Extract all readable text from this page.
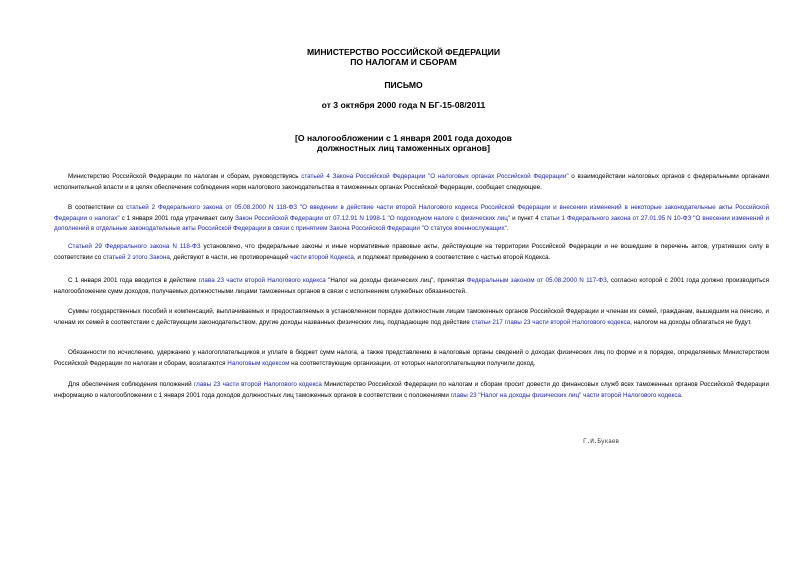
МИНИСТЕРСТВО РОССИЙСКОЙ ФЕДЕРАЦИИ
ПО НАЛОГАМ И СБОРАМ
ПИСЬМО
от 3 октября 2000 года N БГ-15-08/2011
[О налогообложении с 1 января 2001 года доходов
должностных лиц таможенных органов]
Министерство Российской Федерации по налогам и сборам, руководствуясь статьей 4 Закона Российской Федерации "О налоговых органах Российской Федерации" о взаимодействии налоговых органов с федеральными органами исполнительной власти и в целях обеспечения соблюдения норм налогового законодательства в таможенных органах Российской Федерации, сообщает следующее.
В соответствии со статьей 2 Федерального закона от 05.08.2000 N 118-ФЗ "О введении в действие части второй Налогового кодекса Российской Федерации и внесении изменений в некоторые законодательные акты Российской Федерации о налогах" с 1 января 2001 года утрачивает силу Закон Российской Федерации от 07.12.91 N 1998-1 "О подоходном налоге с физических лиц" и пункт 4 статьи 1 Федерального закона от 27.01.95 N 10-ФЗ "О внесении изменений и дополнений в отдельные законодательные акты Российской Федерации в связи с принятием Закона Российской Федерации "О статусе военнослужащих".
Статьей 29 Федерального закона N 118-ФЗ установлено, что федеральные законы и иные нормативные правовые акты, действующие на территории Российской Федерации и не вошедшие в перечень актов, утративших силу в соответствии со статьей 2 этого Закона, действуют в части, не противоречащей части второй Кодекса, и подлежат приведению в соответствие с частью второй Кодекса.
С 1 января 2001 года вводится в действие глава 23 части второй Налогового кодекса "Налог на доходы физических лиц", принятая Федеральным законом от 05.08.2000 N 117-ФЗ, согласно которой с 2001 года должно производиться налогообложение сумм доходов, получаемых должностными лицами таможенных органов в связи с исполнением служебных обязанностей.
Суммы государственных пособий и компенсаций, выплачиваемых и предоставляемых в установленном порядке должностным лицам таможенных органов Российской Федерации и членам их семей, гражданам, вышедшим на пенсию, и членам их семей в соответствии с действующим законодательством, другие доходы названных физических лиц, подпадающие под действие статьи 217 главы 23 части второй Налогового кодекса, налогом на доходы облагаться не будут.
Обязанности по исчислению, удержанию у налогоплательщиков и уплате в бюджет сумм налога, а также представлению в налоговые органы сведений о доходах физических лиц по форме и в порядке, определяемых Министерством Российской Федерации по налогам и сборам, возлагаются Налоговым кодексом на соответствующие организации, от которых налогоплательщики получили доход.
Для обеспечения соблюдения положений главы 23 части второй Налогового кодекса Министерство Российской Федерации по налогам и сборам просит довести до финансовых служб всех таможенных органов Российской Федерации информацию о налогообложении с 1 января 2001 года доходов должностных лиц таможенных органов в соответствии с положениями главы 23 "Налог на доходы физических лиц" части второй Налогового кодекса.
Г.И.Букаев
